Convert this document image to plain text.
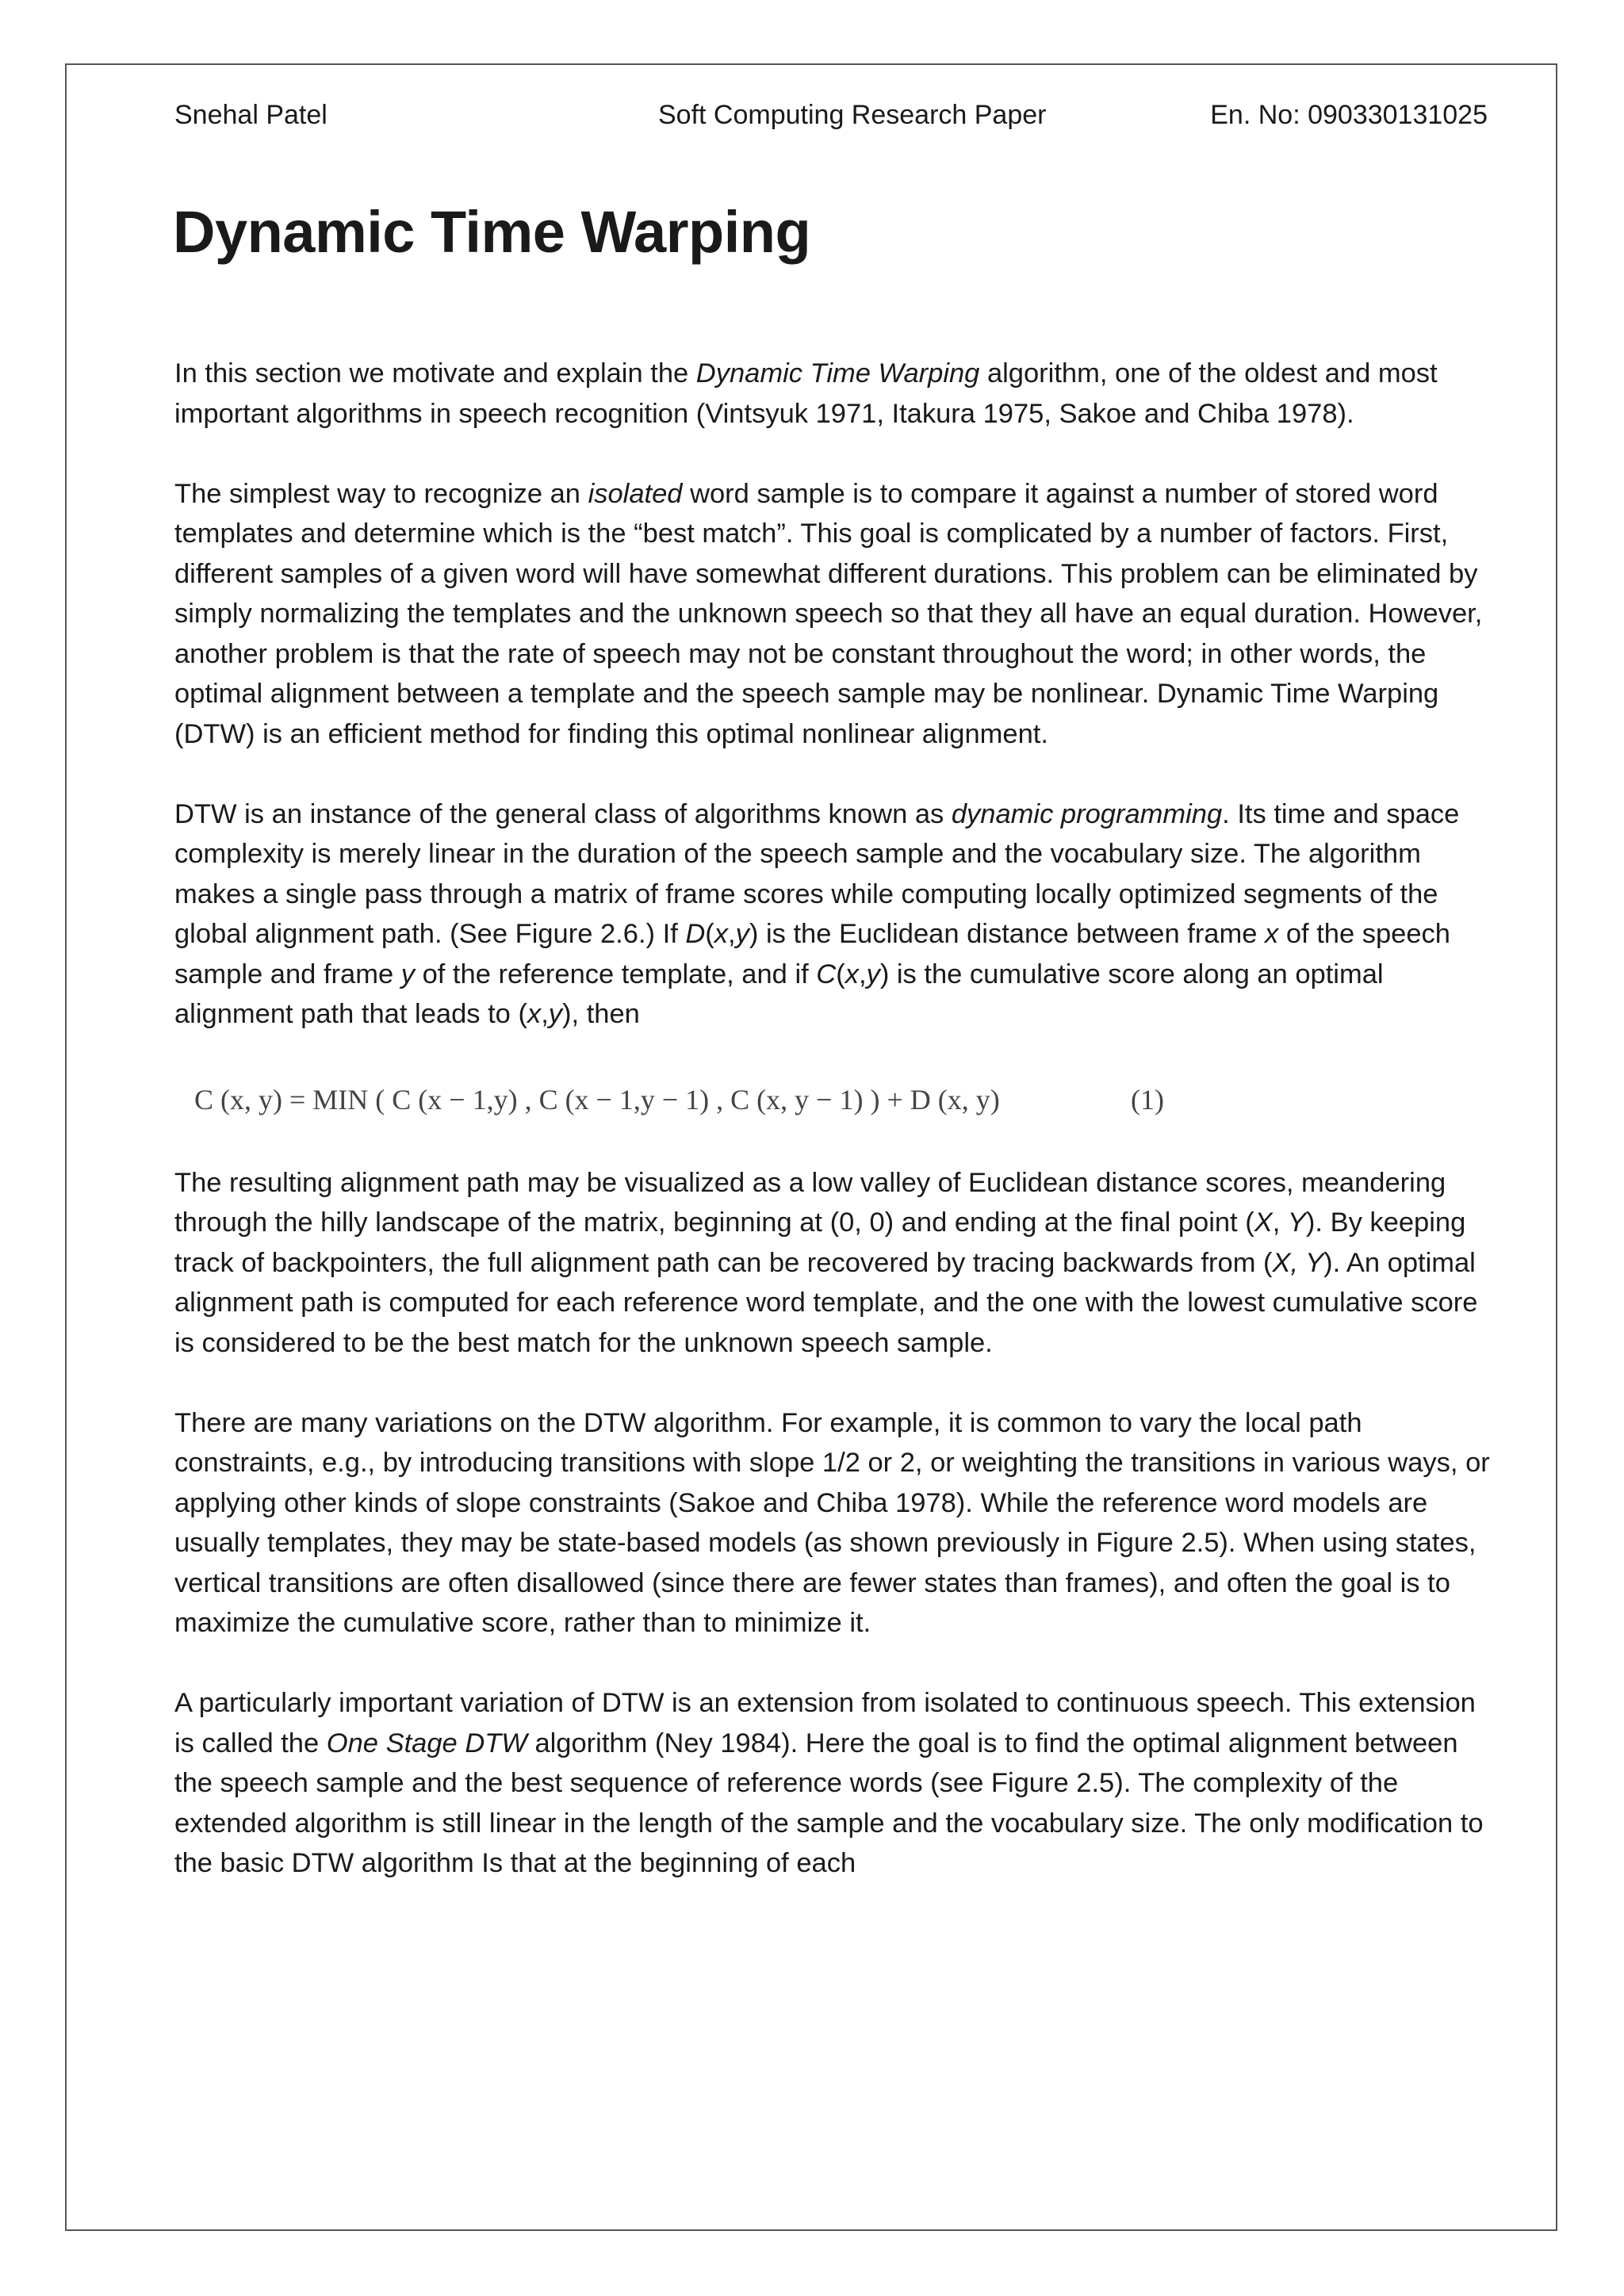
Snehal Patel	Soft Computing Research Paper	En. No: 090330131025
Dynamic Time Warping

In this section we motivate and explain the Dynamic Time Warping algorithm, one of the oldest and most important algorithms in speech recognition (Vintsyuk 1971, Itakura 1975, Sakoe and Chiba 1978).

The simplest way to recognize an isolated word sample is to compare it against a number of stored word templates and determine which is the “best match”. This goal is complicated by a number of factors. First, different samples of a given word will have somewhat different durations. This problem can be eliminated by simply normalizing the templates and the unknown speech so that they all have an equal duration. However, another problem is that the rate of speech may not be constant throughout the word; in other words, the optimal alignment between a template and the speech sample may be nonlinear. Dynamic Time Warping (DTW) is an efficient method for finding this optimal nonlinear alignment.

DTW is an instance of the general class of algorithms known as dynamic programming. Its time and space complexity is merely linear in the duration of the speech sample and the vocabulary size. The algorithm makes a single pass through a matrix of frame scores while computing locally optimized segments of the global alignment path. (See Figure 2.6.) If D(x,y) is the Euclidean distance between frame x of the speech sample and frame y of the reference template, and if C(x,y) is the cumulative score along an optimal alignment path that leads to (x,y), then

C (x, y) = MIN ( C (x − 1,y) , C (x − 1,y − 1) , C (x, y − 1) ) + D (x, y)	(1)

The resulting alignment path may be visualized as a low valley of Euclidean distance scores, meandering through the hilly landscape of the matrix, beginning at (0, 0) and ending at the final point (X, Y). By keeping track of backpointers, the full alignment path can be recovered by tracing backwards from (X, Y). An optimal alignment path is computed for each reference word template, and the one with the lowest cumulative score is considered to be the best match for the unknown speech sample.

There are many variations on the DTW algorithm. For example, it is common to vary the local path constraints, e.g., by introducing transitions with slope 1/2 or 2, or weighting the transitions in various ways, or applying other kinds of slope constraints (Sakoe and Chiba 1978). While the reference word models are usually templates, they may be state-based models (as shown previously in Figure 2.5). When using states, vertical transitions are often disallowed (since there are fewer states than frames), and often the goal is to maximize the cumulative score, rather than to minimize it.

A particularly important variation of DTW is an extension from isolated to continuous speech. This extension is called the One Stage DTW algorithm (Ney 1984). Here the goal is to find the optimal alignment between the speech sample and the best sequence of reference words (see Figure 2.5). The complexity of the extended algorithm is still linear in the length of the sample and the vocabulary size. The only modification to the basic DTW algorithm Is that at the beginning of each
